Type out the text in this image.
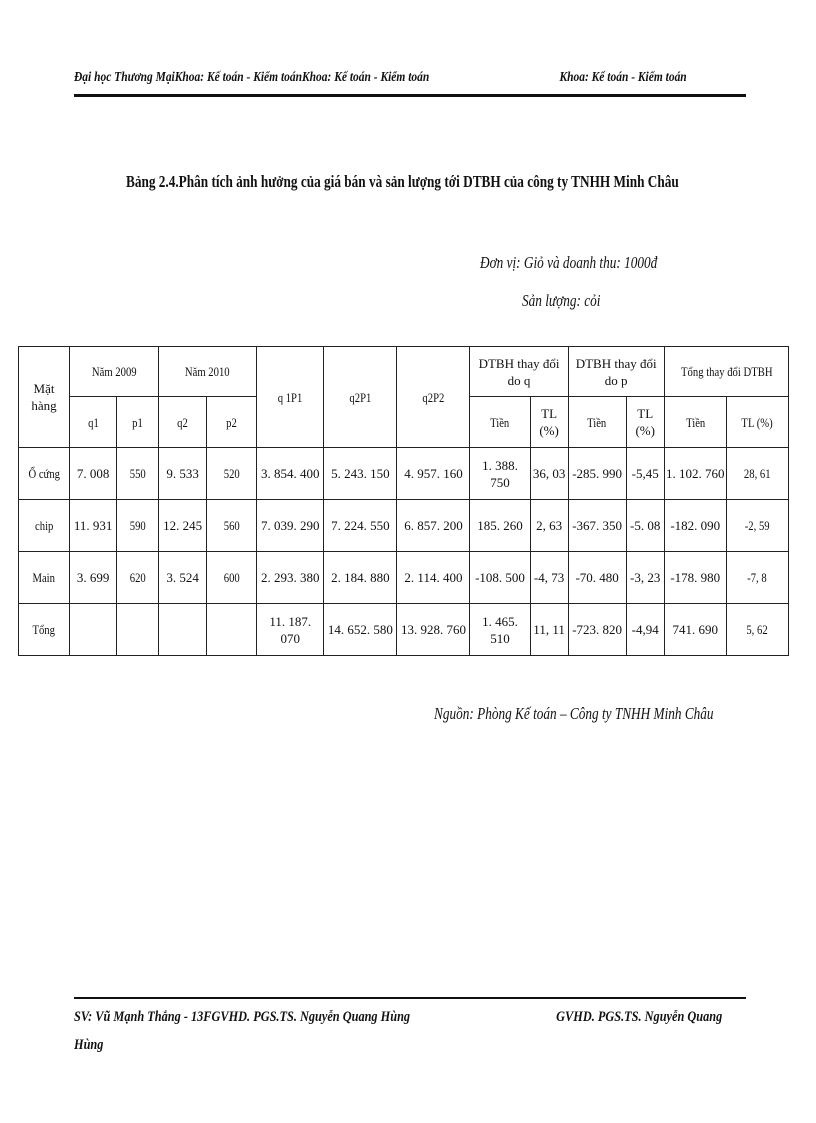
Đại học Thương MạiKhoa: Kế toán - Kiểm toánKhoa: Kế toán - Kiểm toán	Khoa: Kế toán - Kiểm toán
Bảng 2.4.Phân tích ảnh hưởng của giá bán và sản lượng tới DTBH của công ty TNHH Minh Châu
Đơn vị: Giỏ và doanh thu: 1000đ
Sản lượng: cỏi
Mặt hàng	Năm 2009		Năm 2010		q 1P1	q2P1	q2P2	DTBH thay đổi do q		DTBH thay đổi do p		Tổng thay đổi DTBH	
	q1	p1	q2	p2				Tiền	TL (%)	Tiền	TL (%)	Tiền	TL (%)
Ổ cứng	7. 008	550	9. 533	520	3. 854. 400	5. 243. 150	4. 957. 160	1. 388. 750	36, 03	-285. 990	-5,45	1. 102. 760	28, 61
chip	11. 931	590	12. 245	560	7. 039. 290	7. 224. 550	6. 857. 200	185. 260	2, 63	-367. 350	-5. 08	-182. 090	-2, 59
Main	3. 699	620	3. 524	600	2. 293. 380	2. 184. 880	2. 114. 400	-108. 500	-4, 73	-70. 480	-3, 23	-178. 980	-7, 8
Tổng					11. 187. 070	14. 652. 580	13. 928. 760	1. 465. 510	11, 11	-723. 820	-4,94	741. 690	5, 62
Nguồn: Phòng Kế toán – Công ty TNHH Minh Châu
SV: Vũ Mạnh Thắng - 13FGVHD. PGS.TS. Nguyễn Quang Hùng	GVHD. PGS.TS. Nguyễn Quang
Hùng
